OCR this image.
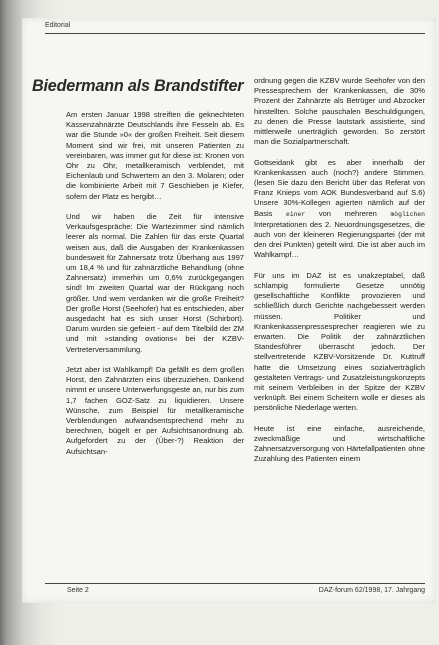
Editorial
Biedermann als Brandstifter

Am ersten Januar 1998 streiften die geknechteten Kassenzahnärzte Deutschlands ihre Fesseln ab. Es war die Stunde »0« der großen Freiheit. Seit diesem Moment sind wir frei, mit unseren Patienten zu vereinbaren, was immer gut für diese ist: Kronen von Ohr zu Ohr, metallkeramisch verblendet, mit Eichenlaub und Schwertern an den 3. Molaren; oder die kombinierte Arbeit mit 7 Geschieben je Kiefer, sofern der Platz es hergibt…

Und wir haben die Zeit für intensive Verkaufsgespräche: Die Wartezimmer sind nämlich leerer als normal. Die Zahlen für das erste Quartal weisen aus, daß die Ausgaben der Krankenkassen bundesweit für Zahnersatz trotz Überhang aus 1997 um 18,4 % und für zahnärztliche Behandlung (ohne Zahnersatz) immerhin um 0,6% zurückgegangen sind! Im zweiten Quartal war der Rückgang noch größer. Und wem verdanken wir die große Freiheit? Der große Horst (Seehofer) hat es entschieden, aber ausgedacht hat es sich unser Horst (Schirbort). Darum wurden sie gefeiert - auf dem Titelbild der ZM und mit »standing ovations« bei der KZBV-Vertreterversammlung.

Jetzt aber ist Wahlkampf! Da gefällt es dem großen Horst, den Zahnärzten eins überzuziehen. Dankend nimmt er unsere Unterwerfungsgeste an, nur bis zum 1,7 fachen GOZ-Satz zu liquidieren. Unsere Wünsche, zum Beispiel für metallkeramische Verblendungen aufwandsentsprechend mehr zu berechnen, bügelt er per Aufsichtsanordnung ab. Aufgefordert zu der (Über-?) Reaktion der Aufsichtsan-

ordnung gegen die KZBV wurde Seehofer von den Pressesprechern der Krankenkassen, die 30% Prozent der Zahnärzte als Betrüger und Abzocker hinstellten. Solche pauschalen Beschuldigungen, zu denen die Presse lautstark assistierte, sind mittlerweile unerträglich geworden. So zerstört man die Sozialpartnerschaft.

Gottseidank gibt es aber innerhalb der Krankenkassen auch (noch?) andere Stimmen. (lesen Sie dazu den Bericht über das Referat von Franz Knieps vom AOK Bundesverband auf S.6) Unsere 30%-Kollegen agierten nämlich auf der Basis einer von mehreren möglichen Interpretationen des 2. Neuordnungsgesetzes, die auch von der kleineren Regierungspartei (der mit den drei Punkten) geteilt wird. Die ist aber auch im Wahlkampf…

Für uns im DAZ ist es unakzeptabel, daß schlampig formulierte Gesetze unnötig gesellschaftliche Konflikte provozieren und schließlich durch Gerichte nachgebessert werden müssen. Politiker und Krankenkassenpressesprecher reagieren wie zu erwarten. Die Politik der zahnärztlichen Standesführer überrascht jedoch. Der stellvertretende KZBV-Vorsitzende Dr. Kuttruff hatte die Umsetzung eines sozialverträglich gestalteten Vertrags- und Zusatzleistungskonzepts mit seinem Verbleiben in der Spitze der KZBV verknüpft. Bei einem Scheitern wolle er dieses als persönliche Niederlage werten.

Heute ist eine einfache, ausreichende, zweckmäßige und wirtschaftliche Zahnersatzversorgung von Härtefallpatienten ohne Zuzahlung des Patienten einem

Seite 2	DAZ-forum 62/1998, 17. Jahrgang
